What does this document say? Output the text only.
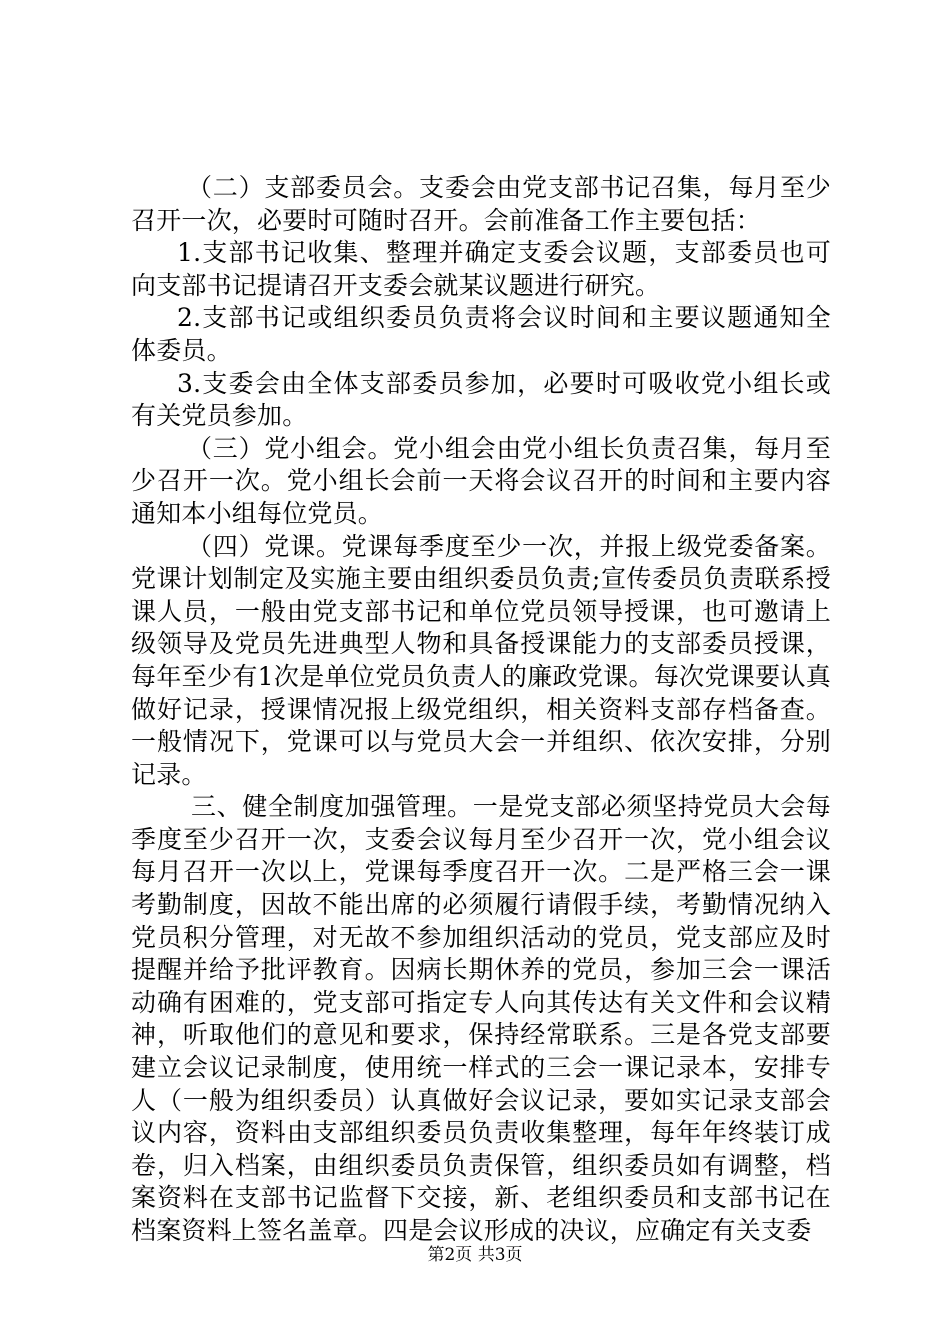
（二）支部委员会。支委会由党支部书记召集，每月至少召开一次，必要时可随时召开。会前准备工作主要包括：

1.支部书记收集、整理并确定支委会议题，支部委员也可向支部书记提请召开支委会就某议题进行研究。

2.支部书记或组织委员负责将会议时间和主要议题通知全体委员。

3.支委会由全体支部委员参加，必要时可吸收党小组长或有关党员参加。

（三）党小组会。党小组会由党小组长负责召集，每月至少召开一次。党小组长会前一天将会议召开的时间和主要内容通知本小组每位党员。

（四）党课。党课每季度至少一次，并报上级党委备案。党课计划制定及实施主要由组织委员负责;宣传委员负责联系授课人员，一般由党支部书记和单位党员领导授课，也可邀请上级领导及党员先进典型人物和具备授课能力的支部委员授课，每年至少有1次是单位党员负责人的廉政党课。每次党课要认真做好记录，授课情况报上级党组织，相关资料支部存档备查。一般情况下，党课可以与党员大会一并组织、依次安排，分别记录。

三、健全制度加强管理。一是党支部必须坚持党员大会每季度至少召开一次，支委会议每月至少召开一次，党小组会议每月召开一次以上，党课每季度召开一次。二是严格三会一课考勤制度，因故不能出席的必须履行请假手续，考勤情况纳入党员积分管理，对无故不参加组织活动的党员，党支部应及时提醒并给予批评教育。因病长期休养的党员，参加三会一课活动确有困难的，党支部可指定专人向其传达有关文件和会议精神，听取他们的意见和要求，保持经常联系。三是各党支部要建立会议记录制度，使用统一样式的三会一课记录本，安排专人（一般为组织委员）认真做好会议记录，要如实记录支部会议内容，资料由支部组织委员负责收集整理，每年年终装订成卷，归入档案，由组织委员负责保管，组织委员如有调整，档案资料在支部书记监督下交接，新、老组织委员和支部书记在档案资料上签名盖章。四是会议形成的决议，应确定有关支委

第2页 共3页
